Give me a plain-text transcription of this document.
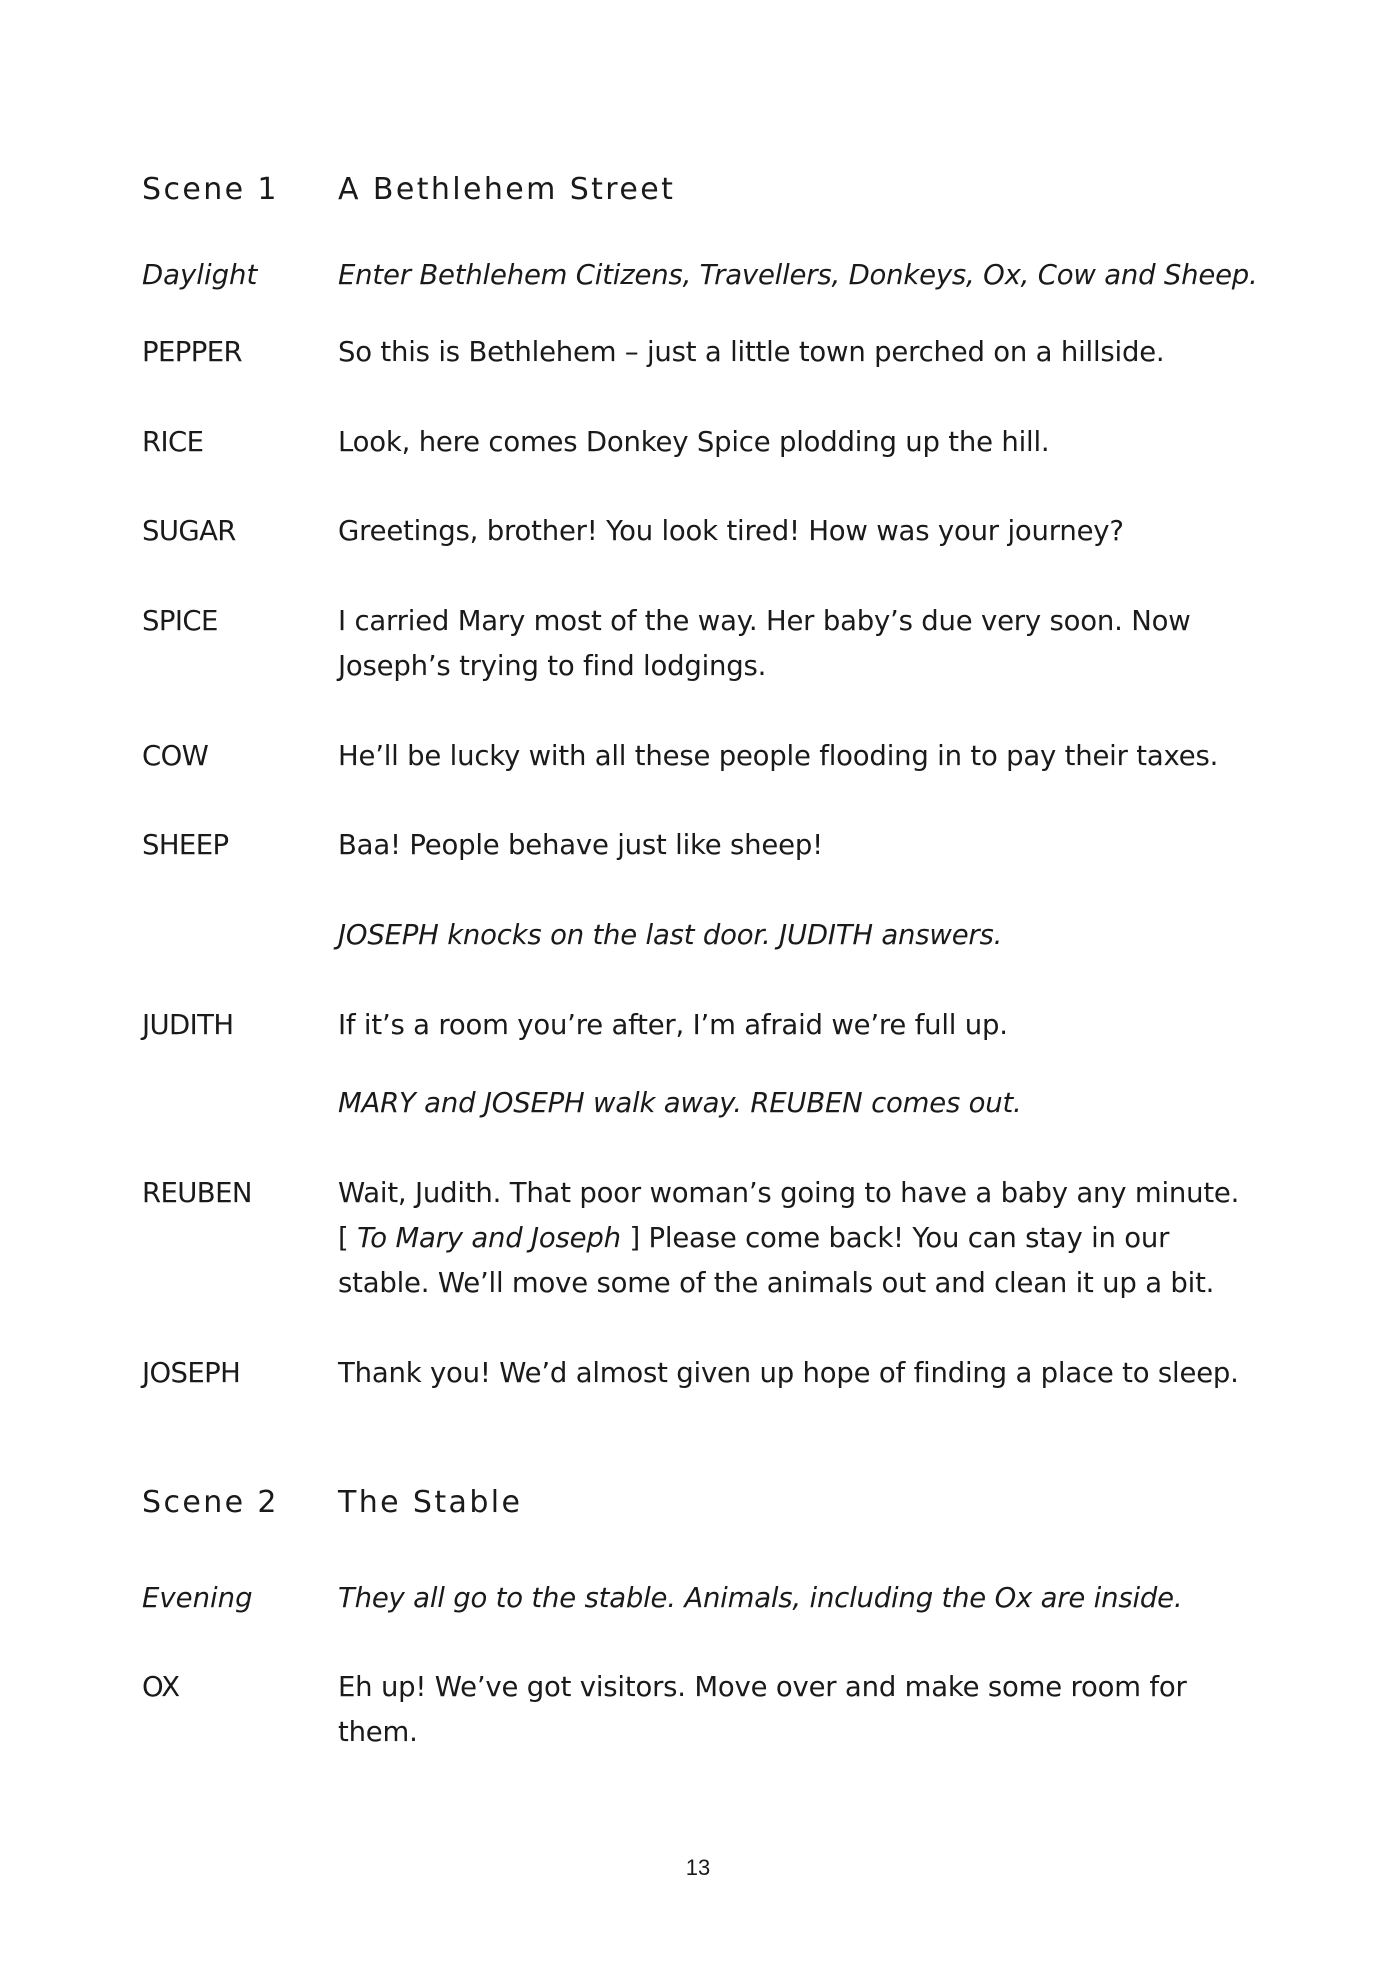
Scene 1 A Bethlehem Street
Daylight	Enter Bethlehem Citizens, Travellers, Donkeys, Ox, Cow and Sheep.
PEPPER	So this is Bethlehem – just a little town perched on a hillside.
RICE	Look, here comes Donkey Spice plodding up the hill.
SUGAR	Greetings, brother! You look tired! How was your journey?
SPICE	I carried Mary most of the way. Her baby’s due very soon. Now
Joseph’s trying to find lodgings.
COW	He’ll be lucky with all these people flooding in to pay their taxes.
SHEEP	Baa! People behave just like sheep!
JOSEPH knocks on the last door. JUDITH answers.
JUDITH	If it’s a room you’re after, I’m afraid we’re full up.
MARY and JOSEPH walk away. REUBEN comes out.
REUBEN	Wait, Judith. That poor woman’s going to have a baby any minute.
[ To Mary and Joseph ] Please come back! You can stay in our
stable. We’ll move some of the animals out and clean it up a bit.
JOSEPH	Thank you! We’d almost given up hope of finding a place to sleep.
Scene 2 The Stable
Evening	They all go to the stable. Animals, including the Ox are inside.
OX	Eh up! We’ve got visitors. Move over and make some room for
them.
13
